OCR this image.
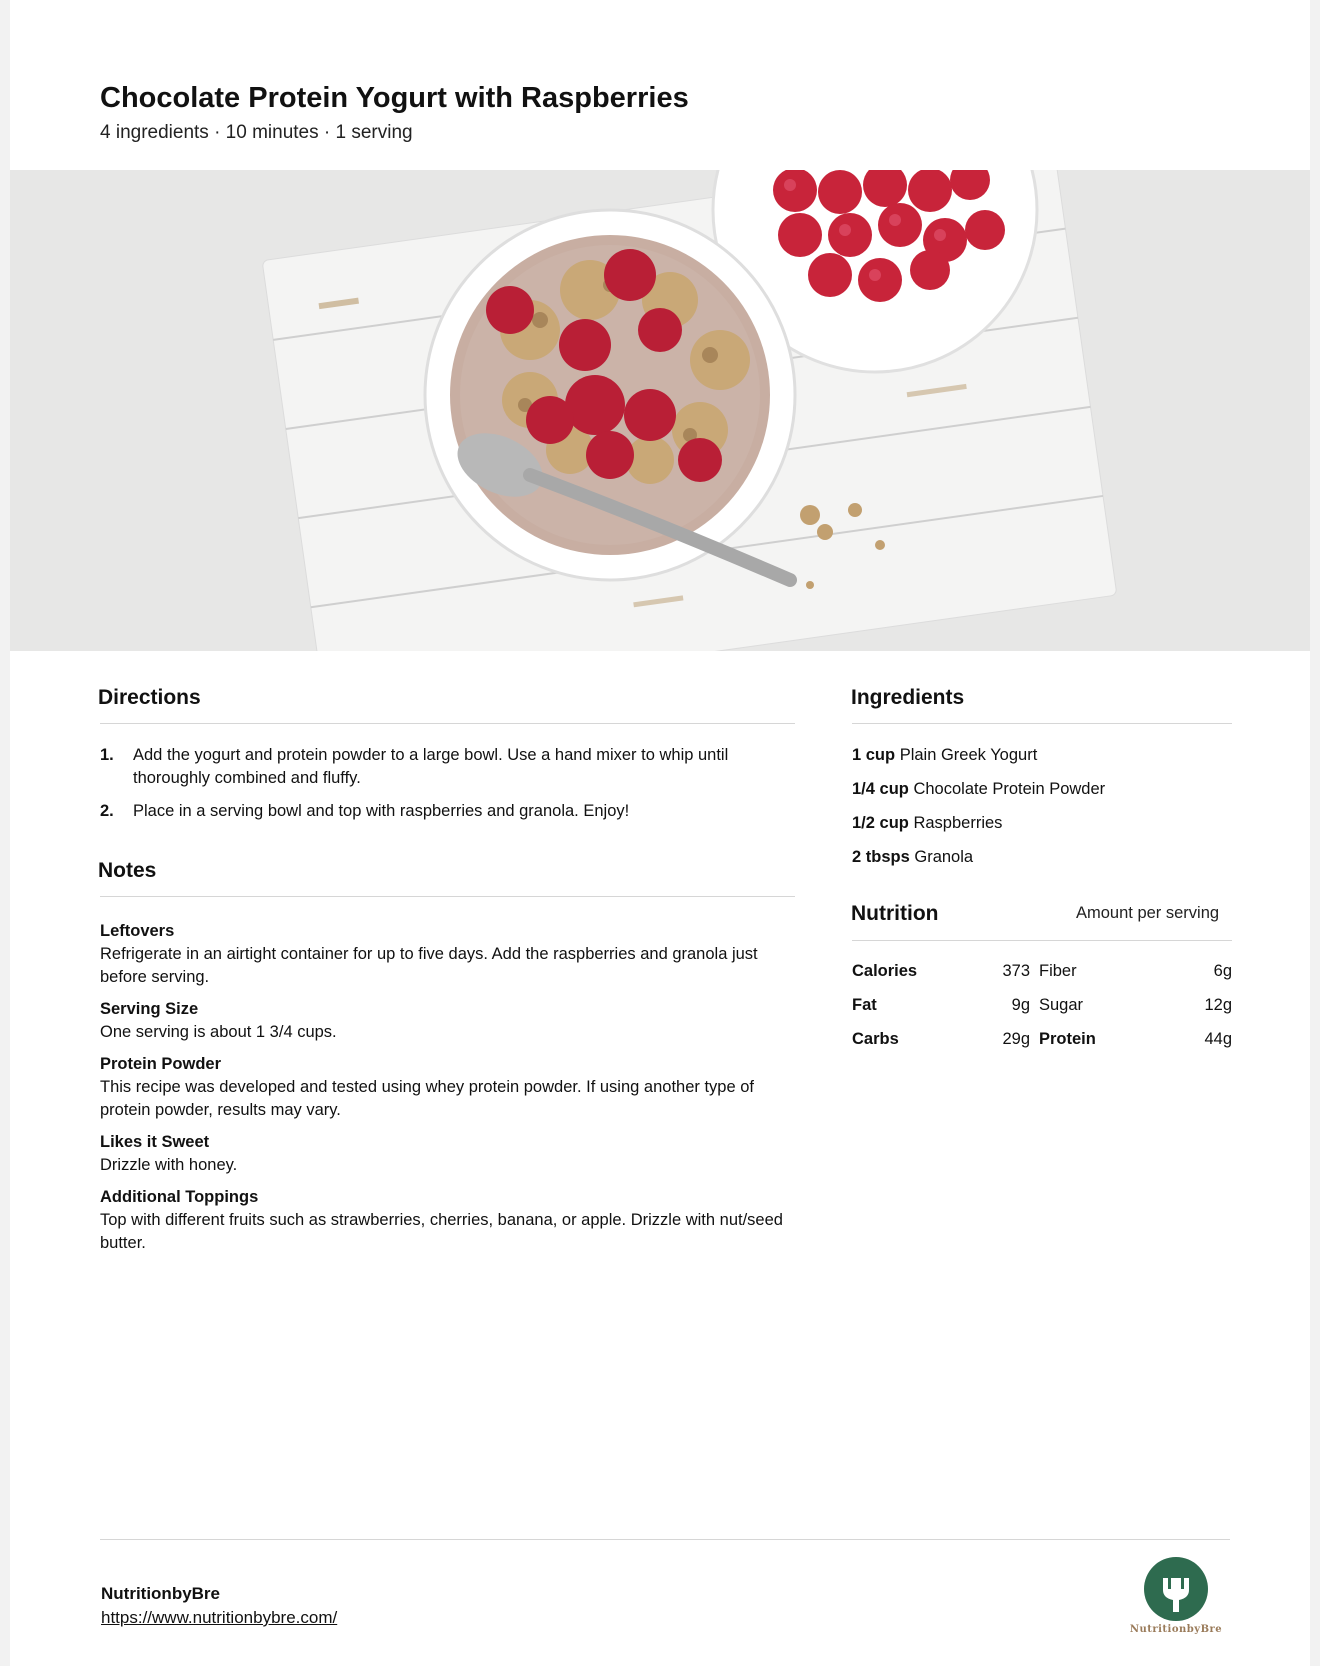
Chocolate Protein Yogurt with Raspberries
4 ingredients · 10 minutes · 1 serving
Directions
1.	Add the yogurt and protein powder to a large bowl. Use a hand mixer to whip until thoroughly combined and fluffy.
2.	Place in a serving bowl and top with raspberries and granola. Enjoy!
Notes
Leftovers
Refrigerate in an airtight container for up to five days. Add the raspberries and granola just before serving.
Serving Size
One serving is about 1 3/4 cups.
Protein Powder
This recipe was developed and tested using whey protein powder. If using another type of protein powder, results may vary.
Likes it Sweet
Drizzle with honey.
Additional Toppings
Top with different fruits such as strawberries, cherries, banana, or apple. Drizzle with nut/seed butter.
Ingredients
1 cup Plain Greek Yogurt
1/4 cup Chocolate Protein Powder
1/2 cup Raspberries
2 tbsps Granola
Nutrition	Amount per serving
Calories	373 Fiber	6g
Fat	9g Sugar	12g
Carbs	29g Protein	44g
NutritionbyBre
https://www.nutritionbybre.com/
NutritionbyBre
